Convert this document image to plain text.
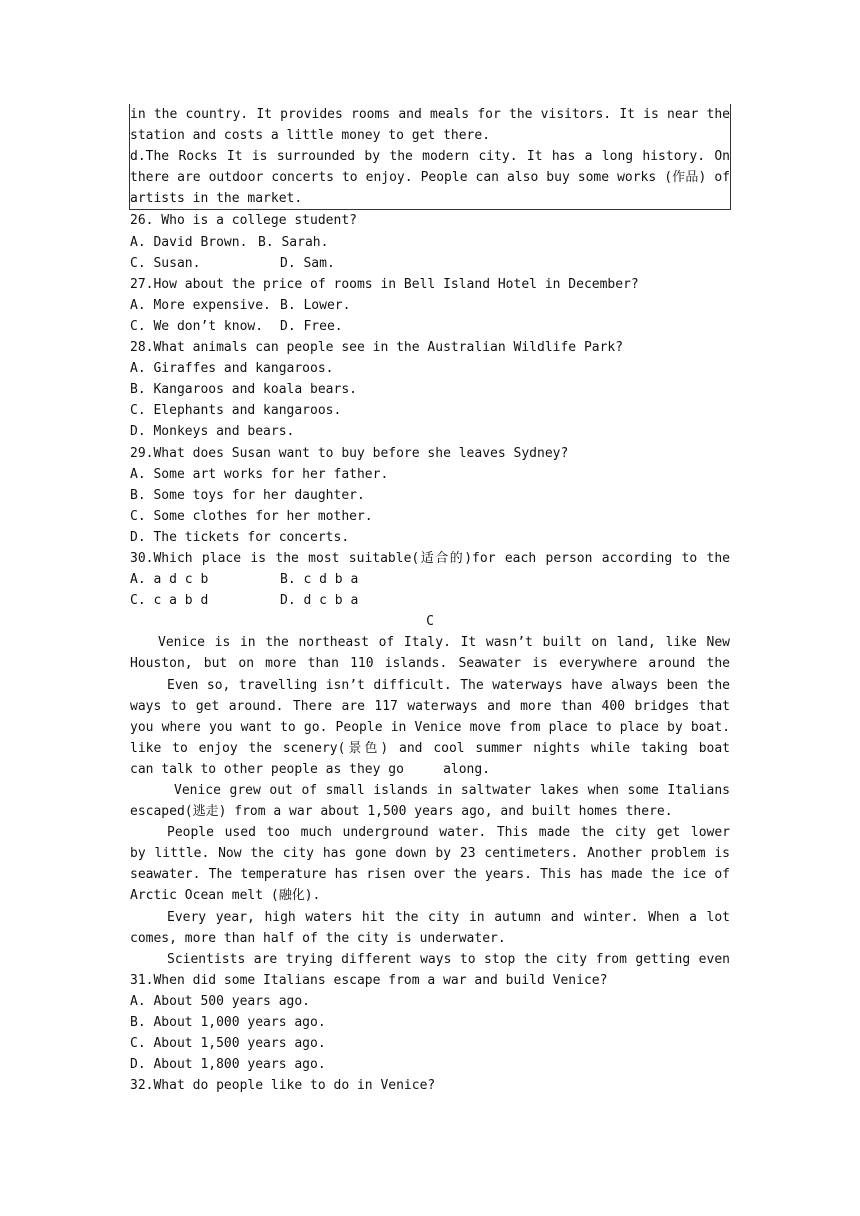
in the country. It provides rooms and meals for the visitors. It is near the
station and costs a little money to get there.
d.The Rocks It is surrounded by the modern city. It has a long history. On
there are outdoor concerts to enjoy. People can also buy some works (作品) of
artists in the market.
26. Who is a college student?
A. David Brown. B. Sarah.
C. Susan.	D. Sam.
27.How about the price of rooms in Bell Island Hotel in December?
A. More expensive. B. Lower.
C. We don’t know.	D. Free.
28.What animals can people see in the Australian Wildlife Park?
A. Giraffes and kangaroos.
B. Kangaroos and koala bears.
C. Elephants and kangaroos.
D. Monkeys and bears.
29.What does Susan want to buy before she leaves Sydney?
A. Some art works for her father.
B. Some toys for her daughter.
C. Some clothes for her mother.
D. The tickets for concerts.
30.Which place is the most suitable(适合的)for each person according to the
A. a d c b	B. c d b a
C. c a b d	D. d c b a
C
Venice is in the northeast of Italy. It wasn’t built on land, like New
Houston, but on more than 110 islands. Seawater is everywhere around the
Even so, travelling isn’t difficult. The waterways have always been the
ways to get around. There are 117 waterways and more than 400 bridges that
you where you want to go. People in Venice move from place to place by boat.
like to enjoy the scenery(景色) and cool summer nights while taking boat
can talk to other people as they go     along.
Venice grew out of small islands in saltwater lakes when some Italians
escaped(逃走) from a war about 1,500 years ago, and built homes there.
People used too much underground water. This made the city get lower
by little. Now the city has gone down by 23 centimeters. Another problem is
seawater. The temperature has risen over the years. This has made the ice of
Arctic Ocean melt (融化).
Every year, high waters hit the city in autumn and winter. When a lot
comes, more than half of the city is underwater.
Scientists are trying different ways to stop the city from getting even
31.When did some Italians escape from a war and build Venice?
A. About 500 years ago.
B. About 1,000 years ago.
C. About 1,500 years ago.
D. About 1,800 years ago.
32.What do people like to do in Venice?
